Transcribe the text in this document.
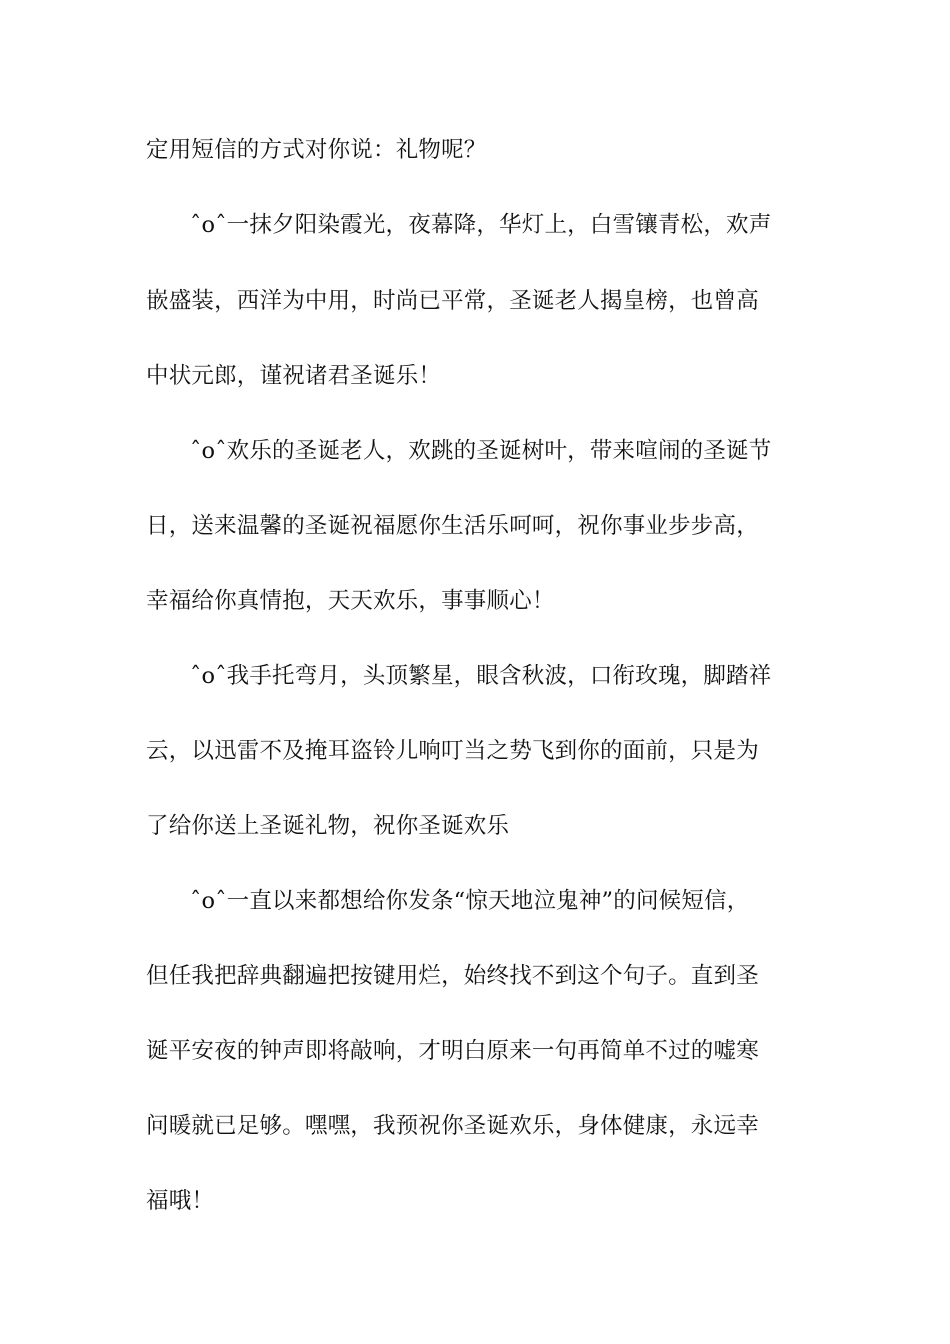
定用短信的方式对你说：礼物呢？
ˆoˆ一抹夕阳染霞光，夜幕降，华灯上，白雪镶青松，欢声
嵌盛装，西洋为中用，时尚已平常，圣诞老人揭皇榜，也曾高
中状元郎，谨祝诸君圣诞乐！
ˆoˆ欢乐的圣诞老人，欢跳的圣诞树叶，带来喧闹的圣诞节
日，送来温馨的圣诞祝福愿你生活乐呵呵，祝你事业步步高，
幸福给你真情抱，天天欢乐，事事顺心！
ˆoˆ我手托弯月，头顶繁星，眼含秋波，口衔玫瑰，脚踏祥
云，以迅雷不及掩耳盗铃儿响叮当之势飞到你的面前，只是为
了给你送上圣诞礼物，祝你圣诞欢乐
ˆoˆ一直以来都想给你发条“惊天地泣鬼神”的问候短信，
但任我把辞典翻遍把按键用烂，始终找不到这个句子。直到圣
诞平安夜的钟声即将敲响，才明白原来一句再简单不过的嘘寒
问暖就已足够。嘿嘿，我预祝你圣诞欢乐，身体健康，永远幸
福哦！
